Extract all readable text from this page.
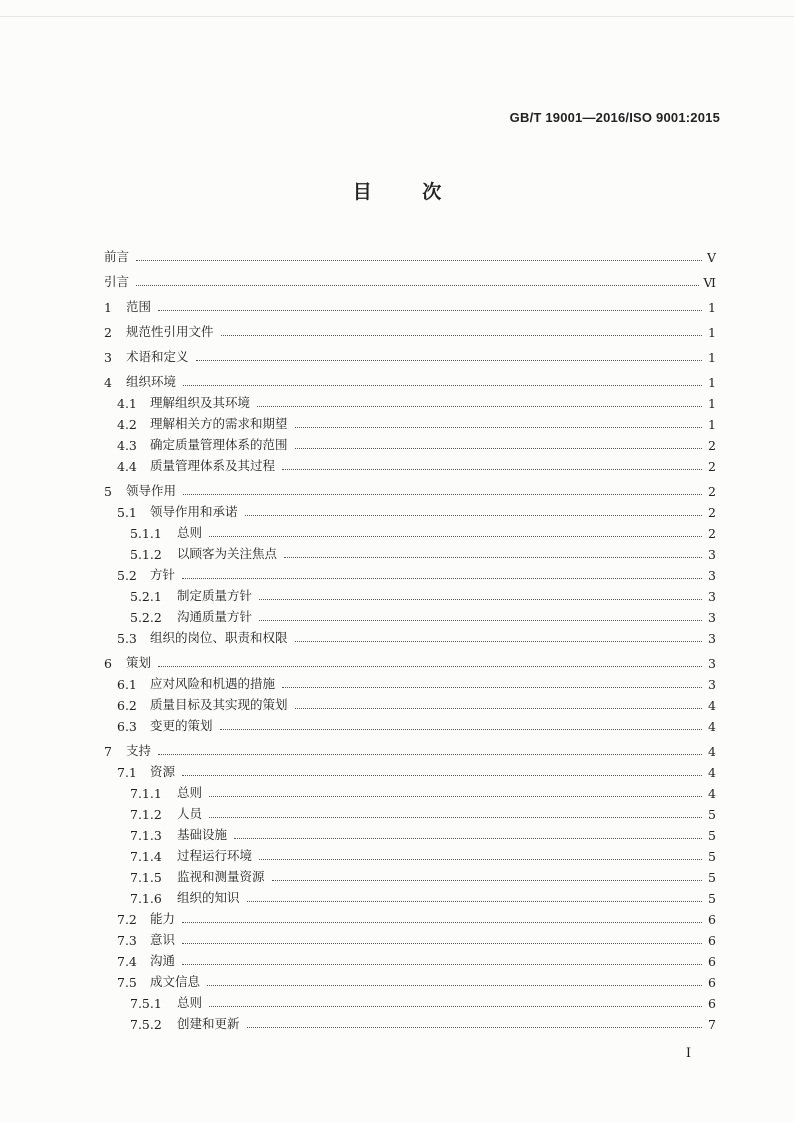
GB/T 19001—2016/ISO 9001:2015
目 次
前言	Ⅴ
引言	Ⅵ
1	范围	1
2	规范性引用文件	1
3	术语和定义	1
4	组织环境	1
4.1	理解组织及其环境	1
4.2	理解相关方的需求和期望	1
4.3	确定质量管理体系的范围	2
4.4	质量管理体系及其过程	2
5	领导作用	2
5.1	领导作用和承诺	2
5.1.1	总则	2
5.1.2	以顾客为关注焦点	3
5.2	方针	3
5.2.1	制定质量方针	3
5.2.2	沟通质量方针	3
5.3	组织的岗位、职责和权限	3
6	策划	3
6.1	应对风险和机遇的措施	3
6.2	质量目标及其实现的策划	4
6.3	变更的策划	4
7	支持	4
7.1	资源	4
7.1.1	总则	4
7.1.2	人员	5
7.1.3	基础设施	5
7.1.4	过程运行环境	5
7.1.5	监视和测量资源	5
7.1.6	组织的知识	5
7.2	能力	6
7.3	意识	6
7.4	沟通	6
7.5	成文信息	6
7.5.1	总则	6
7.5.2	创建和更新	7
I
